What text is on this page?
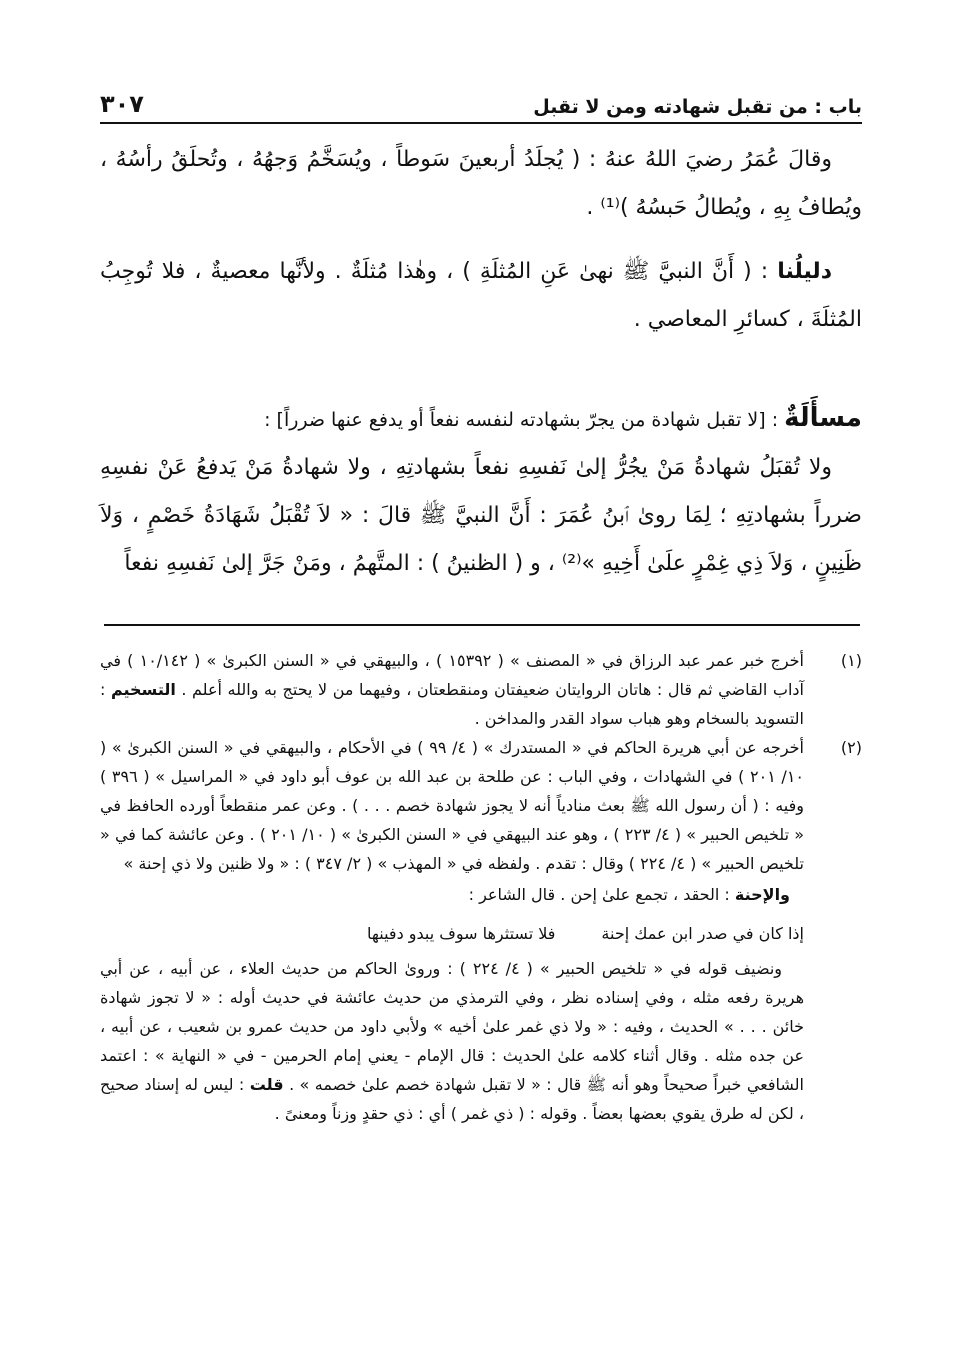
باب : من تقبل شهادته ومن لا تقبل
٣٠٧

وقالَ عُمَرُ رضيَ اللهُ عنهُ : ( يُجلَدُ أربعينَ سَوطاً ، ويُسَخَّمُ وَجهُهُ ، وتُحلَقُ رأسُهُ ، ويُطافُ بِهِ ، ويُطالُ حَبسُهُ )⁽¹⁾ .

دليلُنا : ( أَنَّ النبيَّ ﷺ نهىٰ عَنِ المُثلَةِ ) ، وهٰذا مُثلَةٌ . ولأنَّها معصيةٌ ، فلا تُوجِبُ المُثلَةَ ، كسائرِ المعاصي .

مسأَلَةٌ : [لا تقبل شهادة من يجرّ بشهادته لنفسه نفعاً أو يدفع عنها ضرراً] :

ولا تُقبَلُ شهادةُ مَنْ يجُرُّ إلىٰ نَفسِهِ نفعاً بشهادتِهِ ، ولا شهادةُ مَنْ يَدفعُ عَنْ نفسِهِ ضرراً بشهادتِهِ ؛ لِمَا روىٰ ٱبنُ عُمَرَ : أَنَّ النبيَّ ﷺ قالَ : « لاَ تُقْبَلُ شَهَادَةُ خَصْمٍ ، وَلاَ ظَنِينٍ ، وَلاَ ذِي غِمْرٍ علَىٰ أَخِيهِ »⁽²⁾ ، و ( الظنينُ ) : المتَّهمُ ، ومَنْ جَرَّ إلىٰ نَفسِهِ نفعاً

(١)
أخرج خبر عمر عبد الرزاق في « المصنف » ( ١٥٣٩٢ ) ، والبيهقي في « السنن الكبرىٰ » ( ١٠/١٤٢ ) في آداب القاضي ثم قال : هاتان الروايتان ضعيفتان ومنقطعتان ، وفيهما من لا يحتج به والله أعلم . التسخيم : التسويد بالسخام وهو هباب سواد القدر والمداخن .
(٢)
أخرجه عن أبي هريرة الحاكم في « المستدرك » ( ٤/ ٩٩ ) في الأحكام ، والبيهقي في « السنن الكبرىٰ » ( ١٠/ ٢٠١ ) في الشهادات ، وفي الباب : عن طلحة بن عبد الله بن عوف أبو داود في « المراسيل » ( ٣٩٦ ) وفيه : ( أن رسول الله ﷺ بعث منادياً أنه لا يجوز شهادة خصم . . . ) . وعن عمر منقطعاً أورده الحافظ في « تلخيص الحبير » ( ٤/ ٢٢٣ ) ، وهو عند البيهقي في « السنن الكبرىٰ » ( ١٠/ ٢٠١ ) . وعن عائشة كما في « تلخيص الحبير » ( ٤/ ٢٢٤ ) وقال : تقدم . ولفظه في « المهذب » ( ٢/ ٣٤٧ ) : « ولا ظنين ولا ذي إحنة »
والإحنة : الحقد ، تجمع علىٰ إحن . قال الشاعر :
إذا كان في صدر ابن عمك إحنة
فلا تستثرها سوف يبدو دفينها
ونضيف قوله في « تلخيص الحبير » ( ٤/ ٢٢٤ ) : وروىٰ الحاكم من حديث العلاء ، عن أبيه ، عن أبي هريرة رفعه مثله ، وفي إسناده نظر ، وفي الترمذي من حديث عائشة في حديث أوله : « لا تجوز شهادة خائن . . . » الحديث ، وفيه : « ولا ذي غمر علىٰ أخيه » ولأبي داود من حديث عمرو بن شعيب ، عن أبيه ، عن جده مثله . وقال أثناء كلامه علىٰ الحديث : قال الإمام - يعني إمام الحرمين - في « النهاية » : اعتمد الشافعي خبراً صحيحاً وهو أنه ﷺ قال : « لا تقبل شهادة خصم علىٰ خصمه » . قلت : ليس له إسناد صحيح ، لكن له طرق يقوي بعضها بعضاً . وقوله : ( ذي غمر ) أي : ذي حقدٍ وزناً ومعنىً .
